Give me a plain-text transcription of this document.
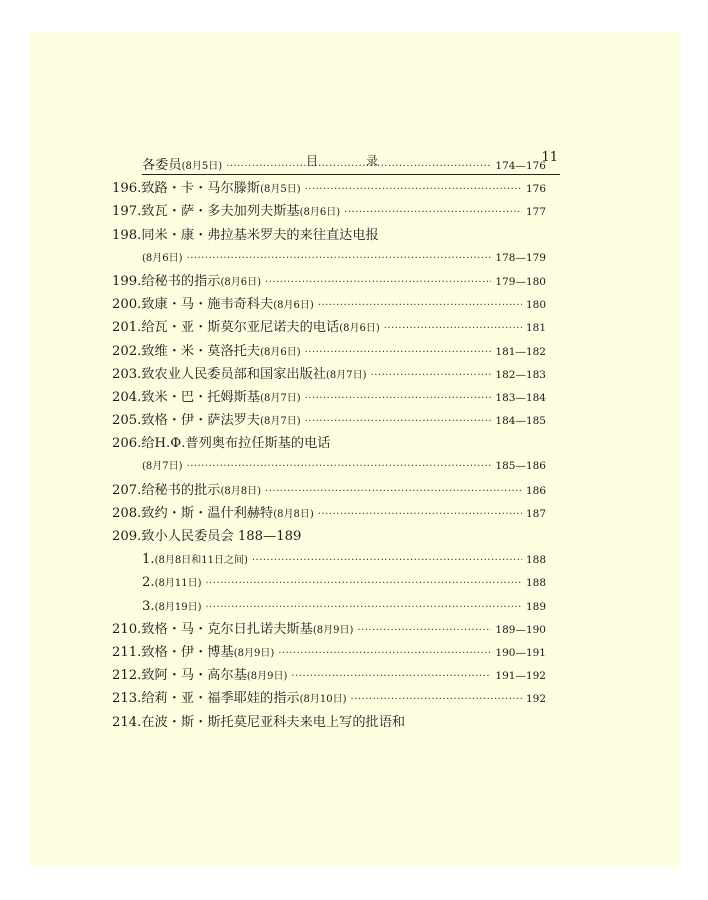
目　录	11
各委员 (8月5日) ·····	174—176
196.致路・卡・马尔滕斯 (8月5日) ·····	176
197.致瓦・萨・多夫加列夫斯基 (8月6日) ·····	177
198.同米・康・弗拉基米罗夫的来往直达电报
(8月6日) ·····	178—179
199.给秘书的指示 (8月6日) ·····	179—180
200.致康・马・施韦奇科夫 (8月6日) ·····	180
201.给瓦・亚・斯莫尔亚尼诺夫的电话 (8月6日) ·····	181
202.致维・米・莫洛托夫 (8月6日) ·····	181—182
203.致农业人民委员部和国家出版社 (8月7日) ·····	182—183
204.致米・巴・托姆斯基 (8月7日) ·····	183—184
205.致格・伊・萨法罗夫 (8月7日) ·····	184—185
206.给H.Ф.普列奥布拉任斯基的电话
(8月7日) ·····	185—186
207.给秘书的批示 (8月8日) ·····	186
208.致约・斯・温什利赫特 (8月8日) ·····	187
209.致小人民委员会 188—189
1. (8月8日和11日之间) ·····	188
2. (8月11日) ·····	188
3. (8月19日) ·····	189
210.致格・马・克尔日扎诺夫斯基 (8月9日) ·····	189—190
211.致格・伊・博基 (8月9日) ·····	190—191
212.致阿・马・高尔基 (8月9日) ·····	191—192
213.给莉・亚・福季耶娃的指示 (8月10日) ·····	192
214.在波・斯・斯托莫尼亚科夫来电上写的批语和
